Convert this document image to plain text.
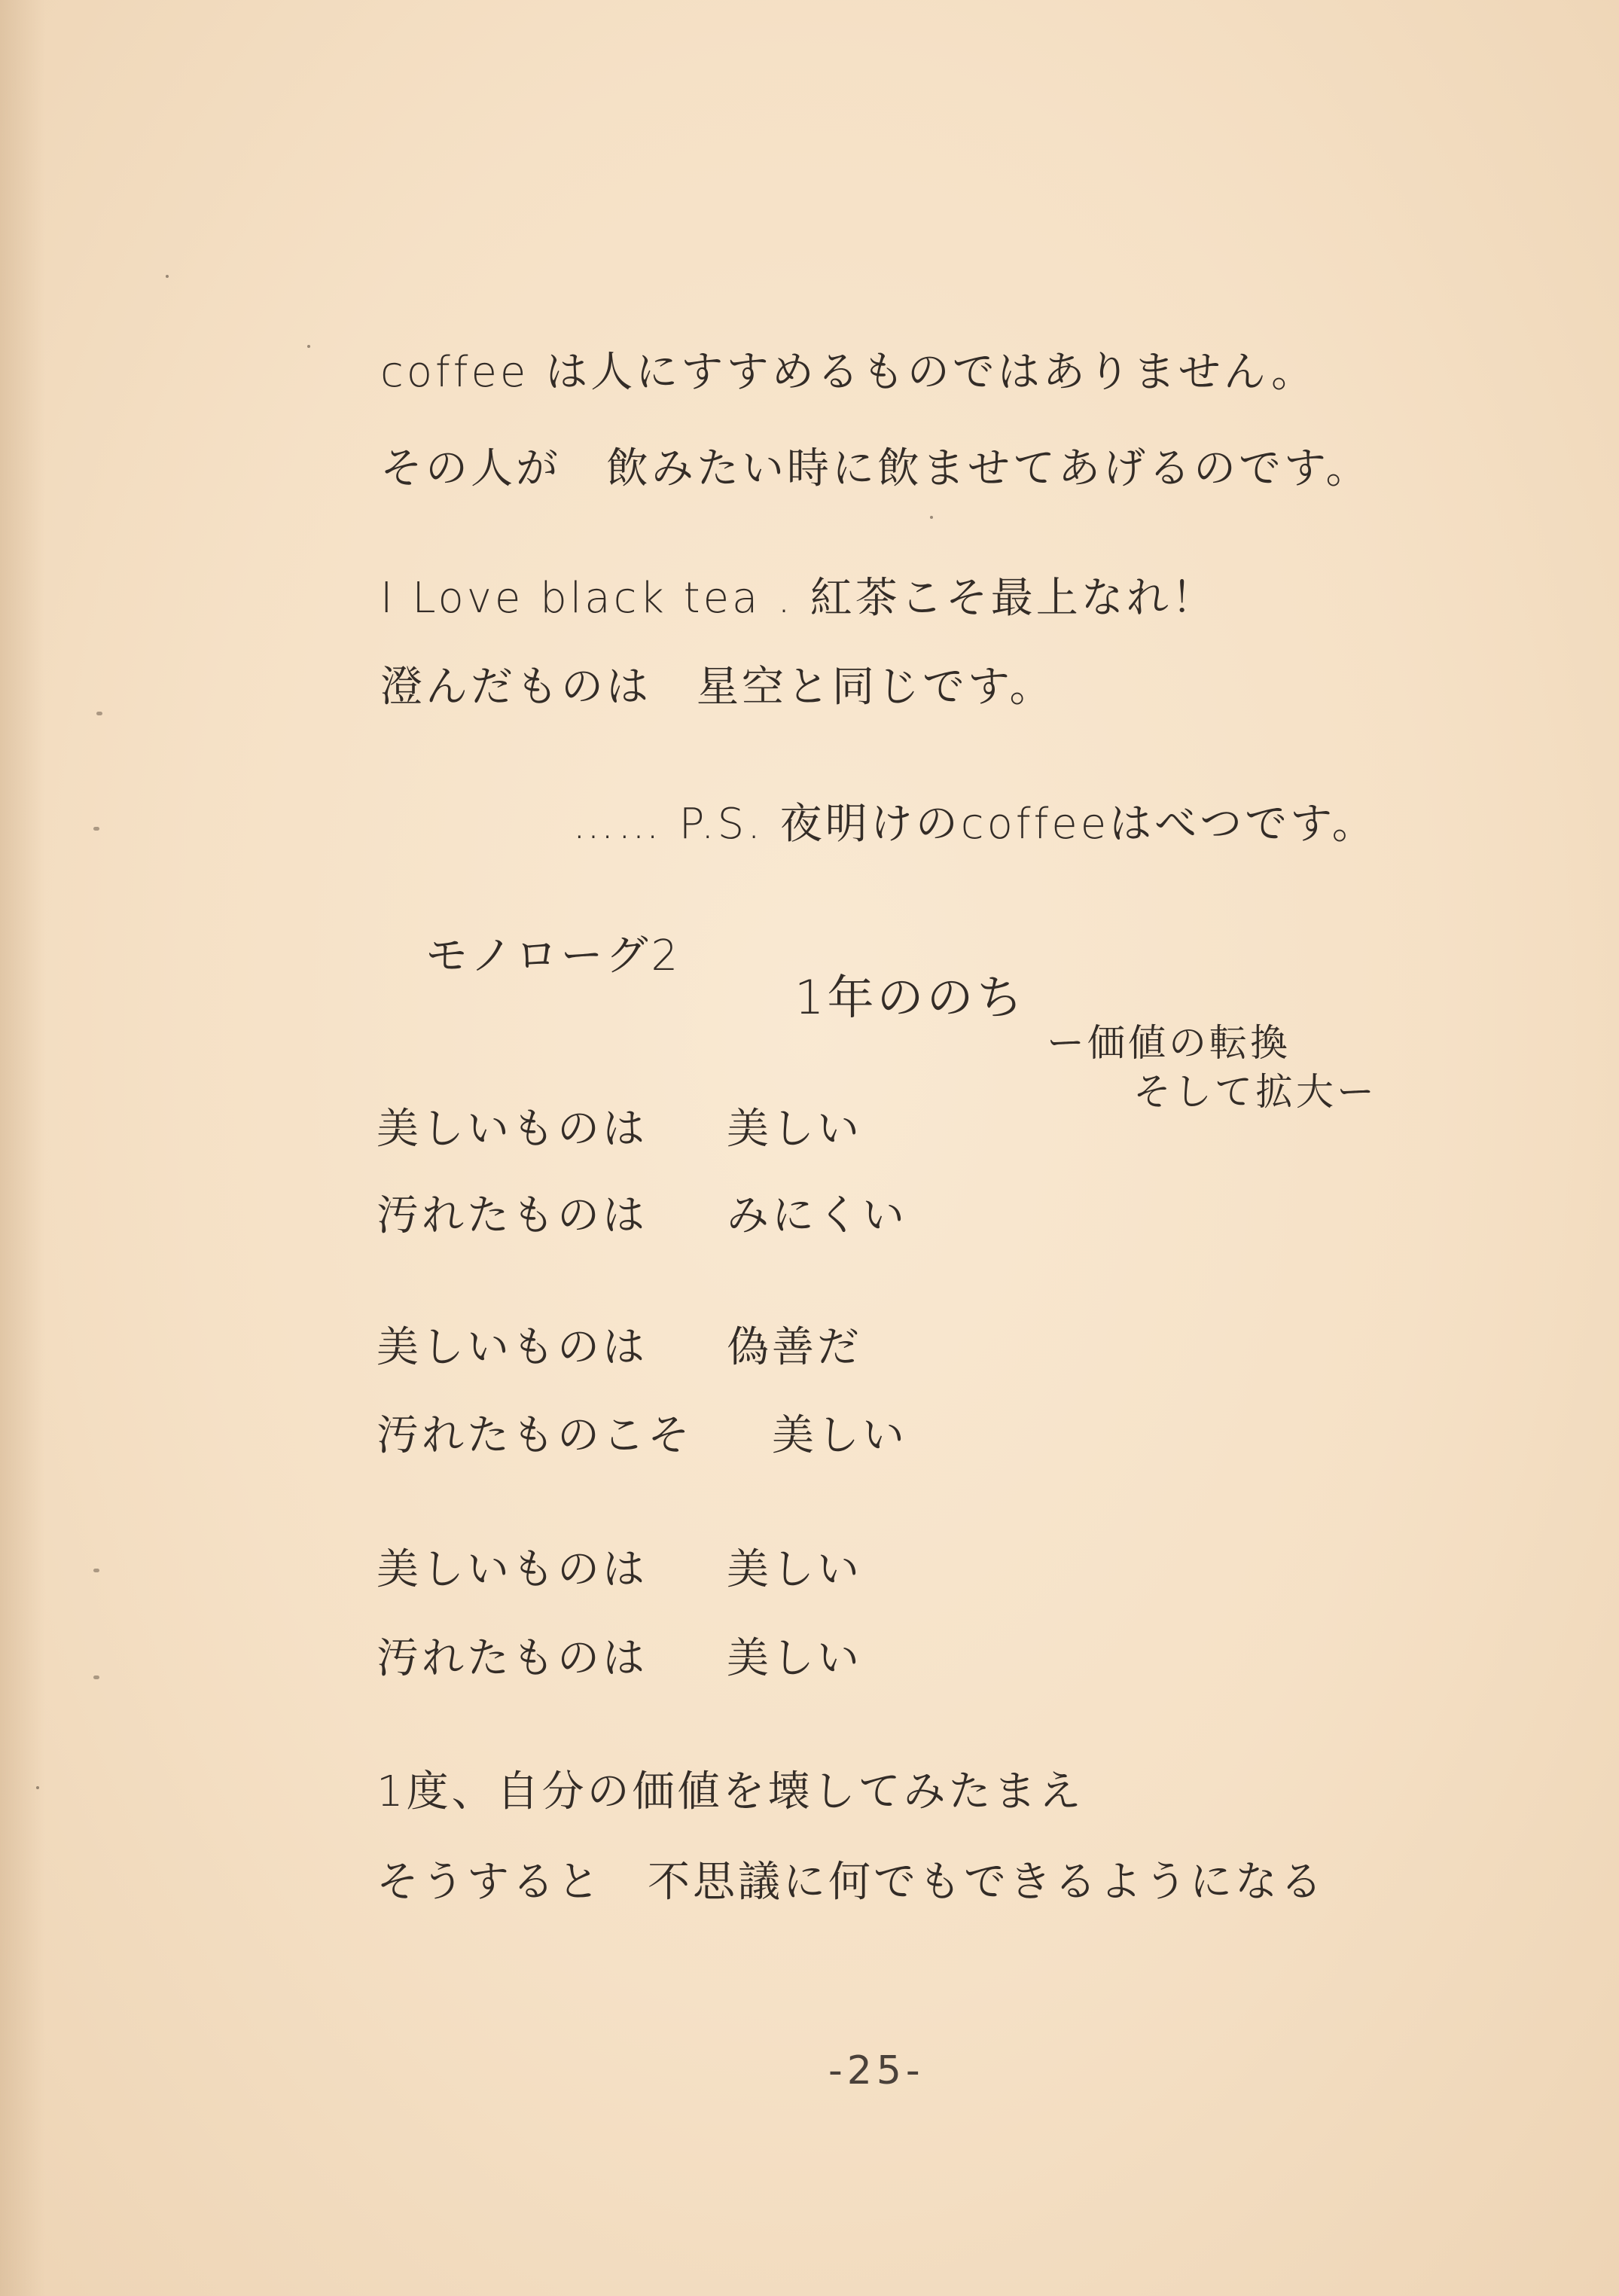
coffee は人にすすめるものではありません。
その人が　飲みたい時に飲ませてあげるのです。
I Love black tea . 紅茶こそ最上なれ！
澄んだものは　星空と同じです。
…… P.S. 夜明けのcoffeeはべつです。
モノローグ2
1年ののち
ー価値の転換
そして拡大ー
美しいものは 美しい
汚れたものは みにくい
美しいものは 偽善だ
汚れたものこそ 美しい
美しいものは 美しい
汚れたものは 美しい
1度、自分の価値を壊してみたまえ
そうすると　不思議に何でもできるようになる
-25-
